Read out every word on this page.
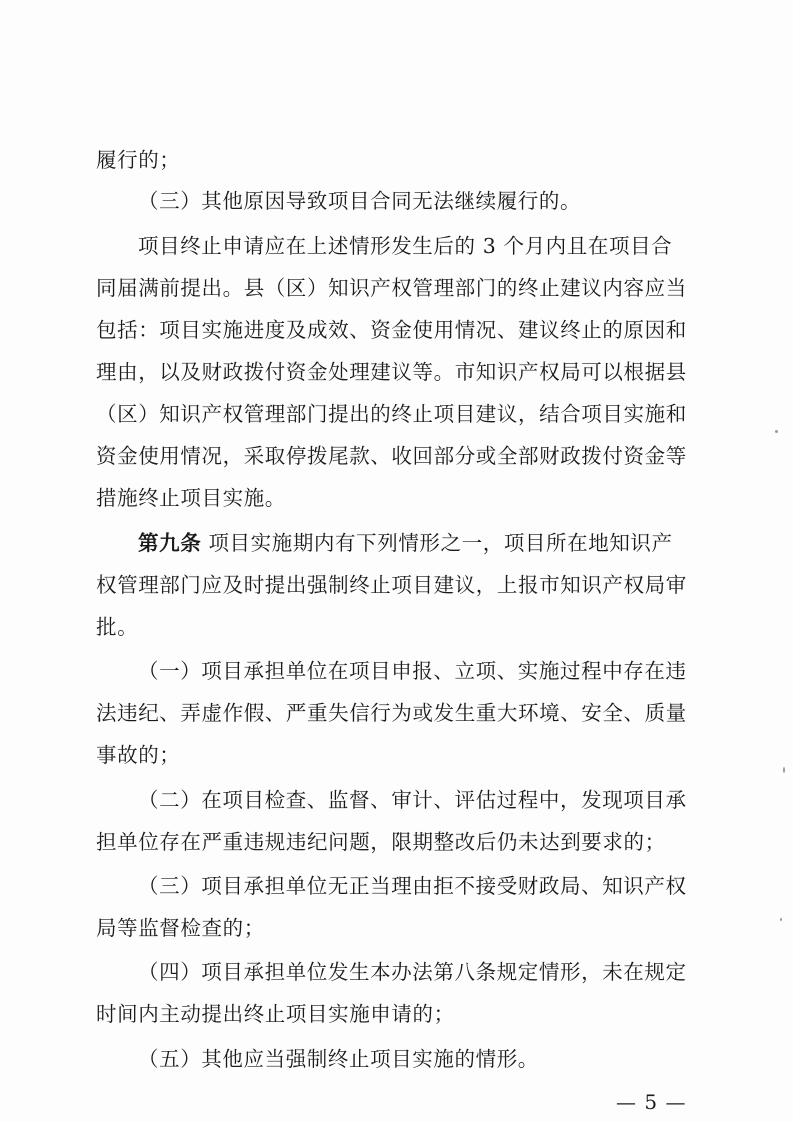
履行的；
（三）其他原因导致项目合同无法继续履行的。
项目终止申请应在上述情形发生后的 3 个月内且在项目合
同届满前提出。县（区）知识产权管理部门的终止建议内容应当
包括：项目实施进度及成效、资金使用情况、建议终止的原因和
理由，以及财政拨付资金处理建议等。市知识产权局可以根据县
（区）知识产权管理部门提出的终止项目建议，结合项目实施和
资金使用情况，采取停拨尾款、收回部分或全部财政拨付资金等
措施终止项目实施。
第九条 项目实施期内有下列情形之一，项目所在地知识产
权管理部门应及时提出强制终止项目建议，上报市知识产权局审
批。
（一）项目承担单位在项目申报、立项、实施过程中存在违
法违纪、弄虚作假、严重失信行为或发生重大环境、安全、质量
事故的；
（二）在项目检查、监督、审计、评估过程中，发现项目承
担单位存在严重违规违纪问题，限期整改后仍未达到要求的；
（三）项目承担单位无正当理由拒不接受财政局、知识产权
局等监督检查的；
（四）项目承担单位发生本办法第八条规定情形，未在规定
时间内主动提出终止项目实施申请的；
（五）其他应当强制终止项目实施的情形。
— 5 —
